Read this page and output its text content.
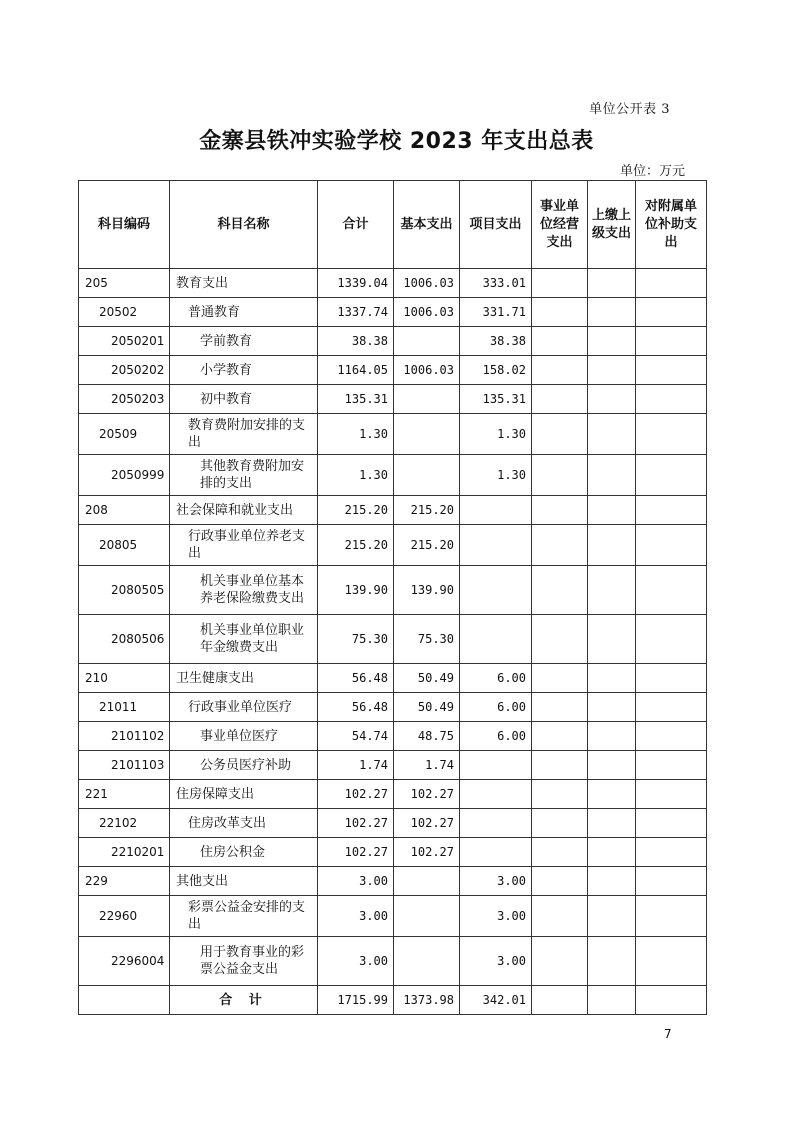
单位公开表 3
金寨县铁冲实验学校 2023 年支出总表
单位：万元
科目编码	科目名称	合计	基本支出	项目支出	事业单位经营支出	上缴上级支出	对附属单位补助支出
205	教育支出	1339.04	1006.03	333.01			
20502	普通教育	1337.74	1006.03	331.71			
2050201	学前教育	38.38		38.38			
2050202	小学教育	1164.05	1006.03	158.02			
2050203	初中教育	135.31		135.31			
20509	教育费附加安排的支出	1.30		1.30			
2050999	其他教育费附加安排的支出	1.30		1.30			
208	社会保障和就业支出	215.20	215.20				
20805	行政事业单位养老支出	215.20	215.20				
2080505	机关事业单位基本养老保险缴费支出	139.90	139.90				
2080506	机关事业单位职业年金缴费支出	75.30	75.30				
210	卫生健康支出	56.48	50.49	6.00			
21011	行政事业单位医疗	56.48	50.49	6.00			
2101102	事业单位医疗	54.74	48.75	6.00			
2101103	公务员医疗补助	1.74	1.74				
221	住房保障支出	102.27	102.27				
22102	住房改革支出	102.27	102.27				
2210201	住房公积金	102.27	102.27				
229	其他支出	3.00		3.00			
22960	彩票公益金安排的支出	3.00		3.00			
2296004	用于教育事业的彩票公益金支出	3.00		3.00			
	合 计	1715.99	1373.98	342.01			
7
